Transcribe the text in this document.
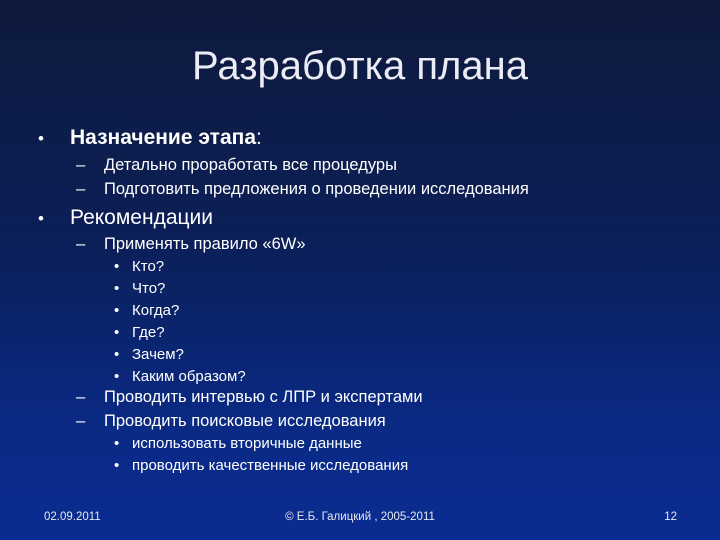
Разработка плана
•	Назначение этапа :
–	Детально проработать все процедуры
–	Подготовить предложения о проведении исследования
•	Рекомендации
–	Применять правило «6W»
• Кто?
• Что?
• Когда?
• Где?
• Зачем?
• Каким образом?
–	Проводить интервью с ЛПР и экспертами
–	Проводить поисковые исследования
• использовать вторичные данные
• проводить качественные исследования
02.09.2011	© Е.Б. Галицкий , 2005-2011	12
